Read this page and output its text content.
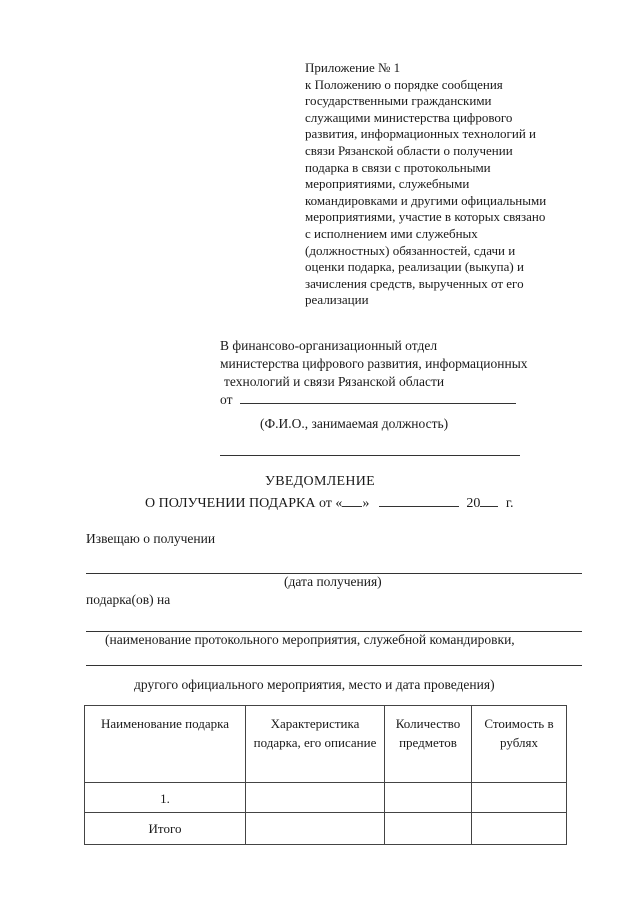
Приложение № 1
к Положению о порядке сообщения
государственными гражданскими
служащими министерства цифрового
развития, информационных технологий и
связи Рязанской области о получении
подарка в связи с протокольными
мероприятиями, служебными
командировками и другими официальными
мероприятиями, участие в которых связано
с исполнением ими служебных
(должностных) обязанностей, сдачи и
оценки подарка, реализации (выкупа) и
зачисления средств, вырученных от его
реализации
В финансово-организационный отдел
министерства цифрового развития, информационных
технологий и связи Рязанской области
от
(Ф.И.О., занимаемая должность)
УВЕДОМЛЕНИЕ
О ПОЛУЧЕНИИ ПОДАРКА от « »	20 г.
Извещаю о получении
(дата получения)
подарка(ов) на
(наименование протокольного мероприятия, служебной командировки,
другого официального мероприятия, место и дата проведения)
Наименование подарка	Характеристика подарка, его описание	Количество предметов	Стоимость в рублях
1.			
Итого			
